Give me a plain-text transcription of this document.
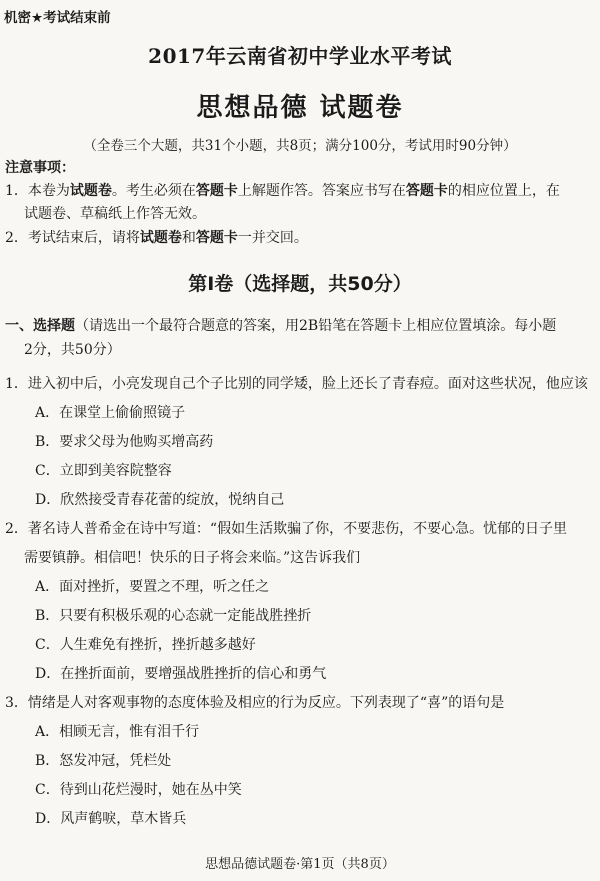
机密★考试结束前
2017年云南省初中学业水平考试
思想品德 试题卷
（全卷三个大题，共31个小题，共8页；满分100分，考试用时90分钟）
注意事项：
1．本卷为试题卷。考生必须在答题卡上解题作答。答案应书写在答题卡的相应位置上，在
试题卷、草稿纸上作答无效。
2．考试结束后，请将试题卷和答题卡一并交回。
第Ⅰ卷（选择题，共50分）
一、选择题（请选出一个最符合题意的答案，用2B铅笔在答题卡上相应位置填涂。每小题
2分，共50分）
1．进入初中后，小亮发现自己个子比别的同学矮，脸上还长了青春痘。面对这些状况，他应该
A．在课堂上偷偷照镜子
B．要求父母为他购买增高药
C．立即到美容院整容
D．欣然接受青春花蕾的绽放，悦纳自己
2．著名诗人普希金在诗中写道：“假如生活欺骗了你，不要悲伤，不要心急。忧郁的日子里
需要镇静。相信吧！快乐的日子将会来临。”这告诉我们
A．面对挫折，要置之不理，听之任之
B．只要有积极乐观的心态就一定能战胜挫折
C．人生难免有挫折，挫折越多越好
D．在挫折面前，要增强战胜挫折的信心和勇气
3．情绪是人对客观事物的态度体验及相应的行为反应。下列表现了“喜”的语句是
A．相顾无言，惟有泪千行
B．怒发冲冠，凭栏处
C．待到山花烂漫时，她在丛中笑
D．风声鹤唳，草木皆兵
思想品德试题卷·第1页（共8页）
